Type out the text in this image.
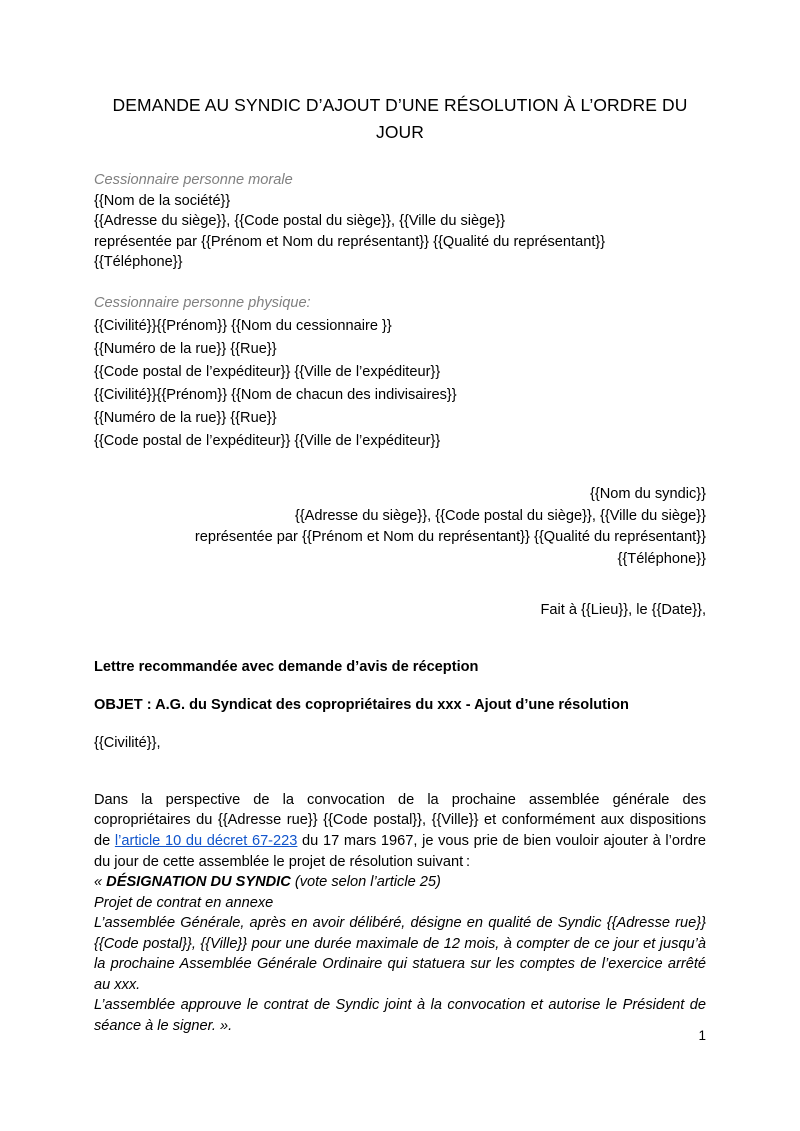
DEMANDE AU SYNDIC D’AJOUT D’UNE RÉSOLUTION À L’ORDRE DU JOUR
Cessionnaire personne morale
{{Nom de la société}}
{{Adresse du siège}}, {{Code postal du siège}}, {{Ville du siège}}
représentée par {{Prénom et Nom du représentant}} {{Qualité du représentant}}
{{Téléphone}}
Cessionnaire personne physique:
{{Civilité}}{{Prénom}} {{Nom du cessionnaire }}
{{Numéro de la rue}} {{Rue}}
{{Code postal de l’expéditeur}} {{Ville de l’expéditeur}}
{{Civilité}}{{Prénom}} {{Nom de chacun des indivisaires}}
{{Numéro de la rue}} {{Rue}}
{{Code postal de l’expéditeur}} {{Ville de l’expéditeur}}
{{Nom du syndic}}
{{Adresse du siège}}, {{Code postal du siège}}, {{Ville du siège}}
représentée par {{Prénom et Nom du représentant}} {{Qualité du représentant}}
{{Téléphone}}
Fait à {{Lieu}}, le {{Date}},
Lettre recommandée avec demande d’avis de réception
OBJET : A.G. du Syndicat des copropriétaires du xxx - Ajout d’une résolution
{{Civilité}},

Dans la perspective de la convocation de la prochaine assemblée générale des copropriétaires du {{Adresse rue}} {{Code postal}}, {{Ville}} et conformément aux dispositions de l’article 10 du décret 67-223 du 17 mars 1967, je vous prie de bien vouloir ajouter à l’ordre du jour de cette assemblée le projet de résolution suivant :

« DÉSIGNATION DU SYNDIC (vote selon l’article 25)
Projet de contrat en annexe
L’assemblée Générale, après en avoir délibéré, désigne en qualité de Syndic {{Adresse rue}} {{Code postal}}, {{Ville}} pour une durée maximale de 12 mois, à compter de ce jour et jusqu’à la prochaine Assemblée Générale Ordinaire qui statuera sur les comptes de l’exercice arrêté au xxx.
L’assemblée approuve le contrat de Syndic joint à la convocation et autorise le Président de séance à le signer. ».
1
